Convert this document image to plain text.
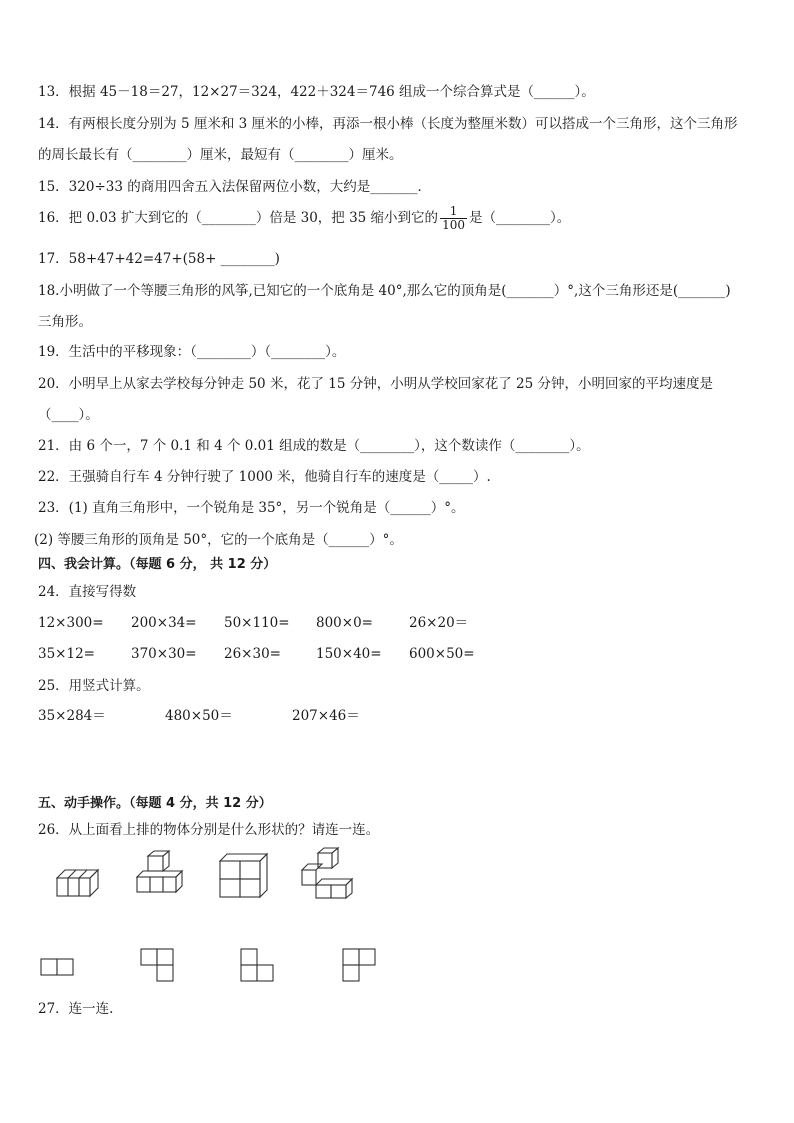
13．根据 45－18＝27，12×27＝324，422＋324＝746 组成一个综合算式是（______）。
14．有两根长度分别为 5 厘米和 3 厘米的小棒，再添一根小棒（长度为整厘米数）可以搭成一个三角形，这个三角形
的周长最长有（________）厘米，最短有（________）厘米。
15．320÷33 的商用四舍五入法保留两位小数，大约是_______．
16．把 0.03 扩大到它的（________）倍是 30，把 35 缩小到它的 $\frac{1}{100}$ 是（________）。
17．58+47+42=47+(58+ ________)
18.小明做了一个等腰三角形的风筝,已知它的一个底角是 40°,那么它的顶角是(_______）°,这个三角形还是(_______)
三角形。
19．生活中的平移现象：（________）（________）。
20．小明早上从家去学校每分钟走 50 米，花了 15 分钟，小明从学校回家花了 25 分钟，小明回家的平均速度是
（____）。
21．由 6 个一，7 个 0.1 和 4 个 0.01 组成的数是（________），这个数读作（________）。
22．王强骑自行车 4 分钟行驶了 1000 米，他骑自行车的速度是（_____）.
23．(1) 直角三角形中，一个锐角是 35°，另一个锐角是（______）°。
(2) 等腰三角形的顶角是 50°，它的一个底角是（______）°。
四、我会计算。（每题 6 分， 共 12 分）
24．直接写得数
12×300= 200×34= 50×110= 800×0=	26×20＝
35×12=	370×30= 26×30=	150×40= 600×50=
25．用竖式计算。
35×284＝	480×50＝	207×46＝
五、动手操作。（每题 4 分，共 12 分）
26．从上面看上排的物体分别是什么形状的？请连一连。
27．连一连.
